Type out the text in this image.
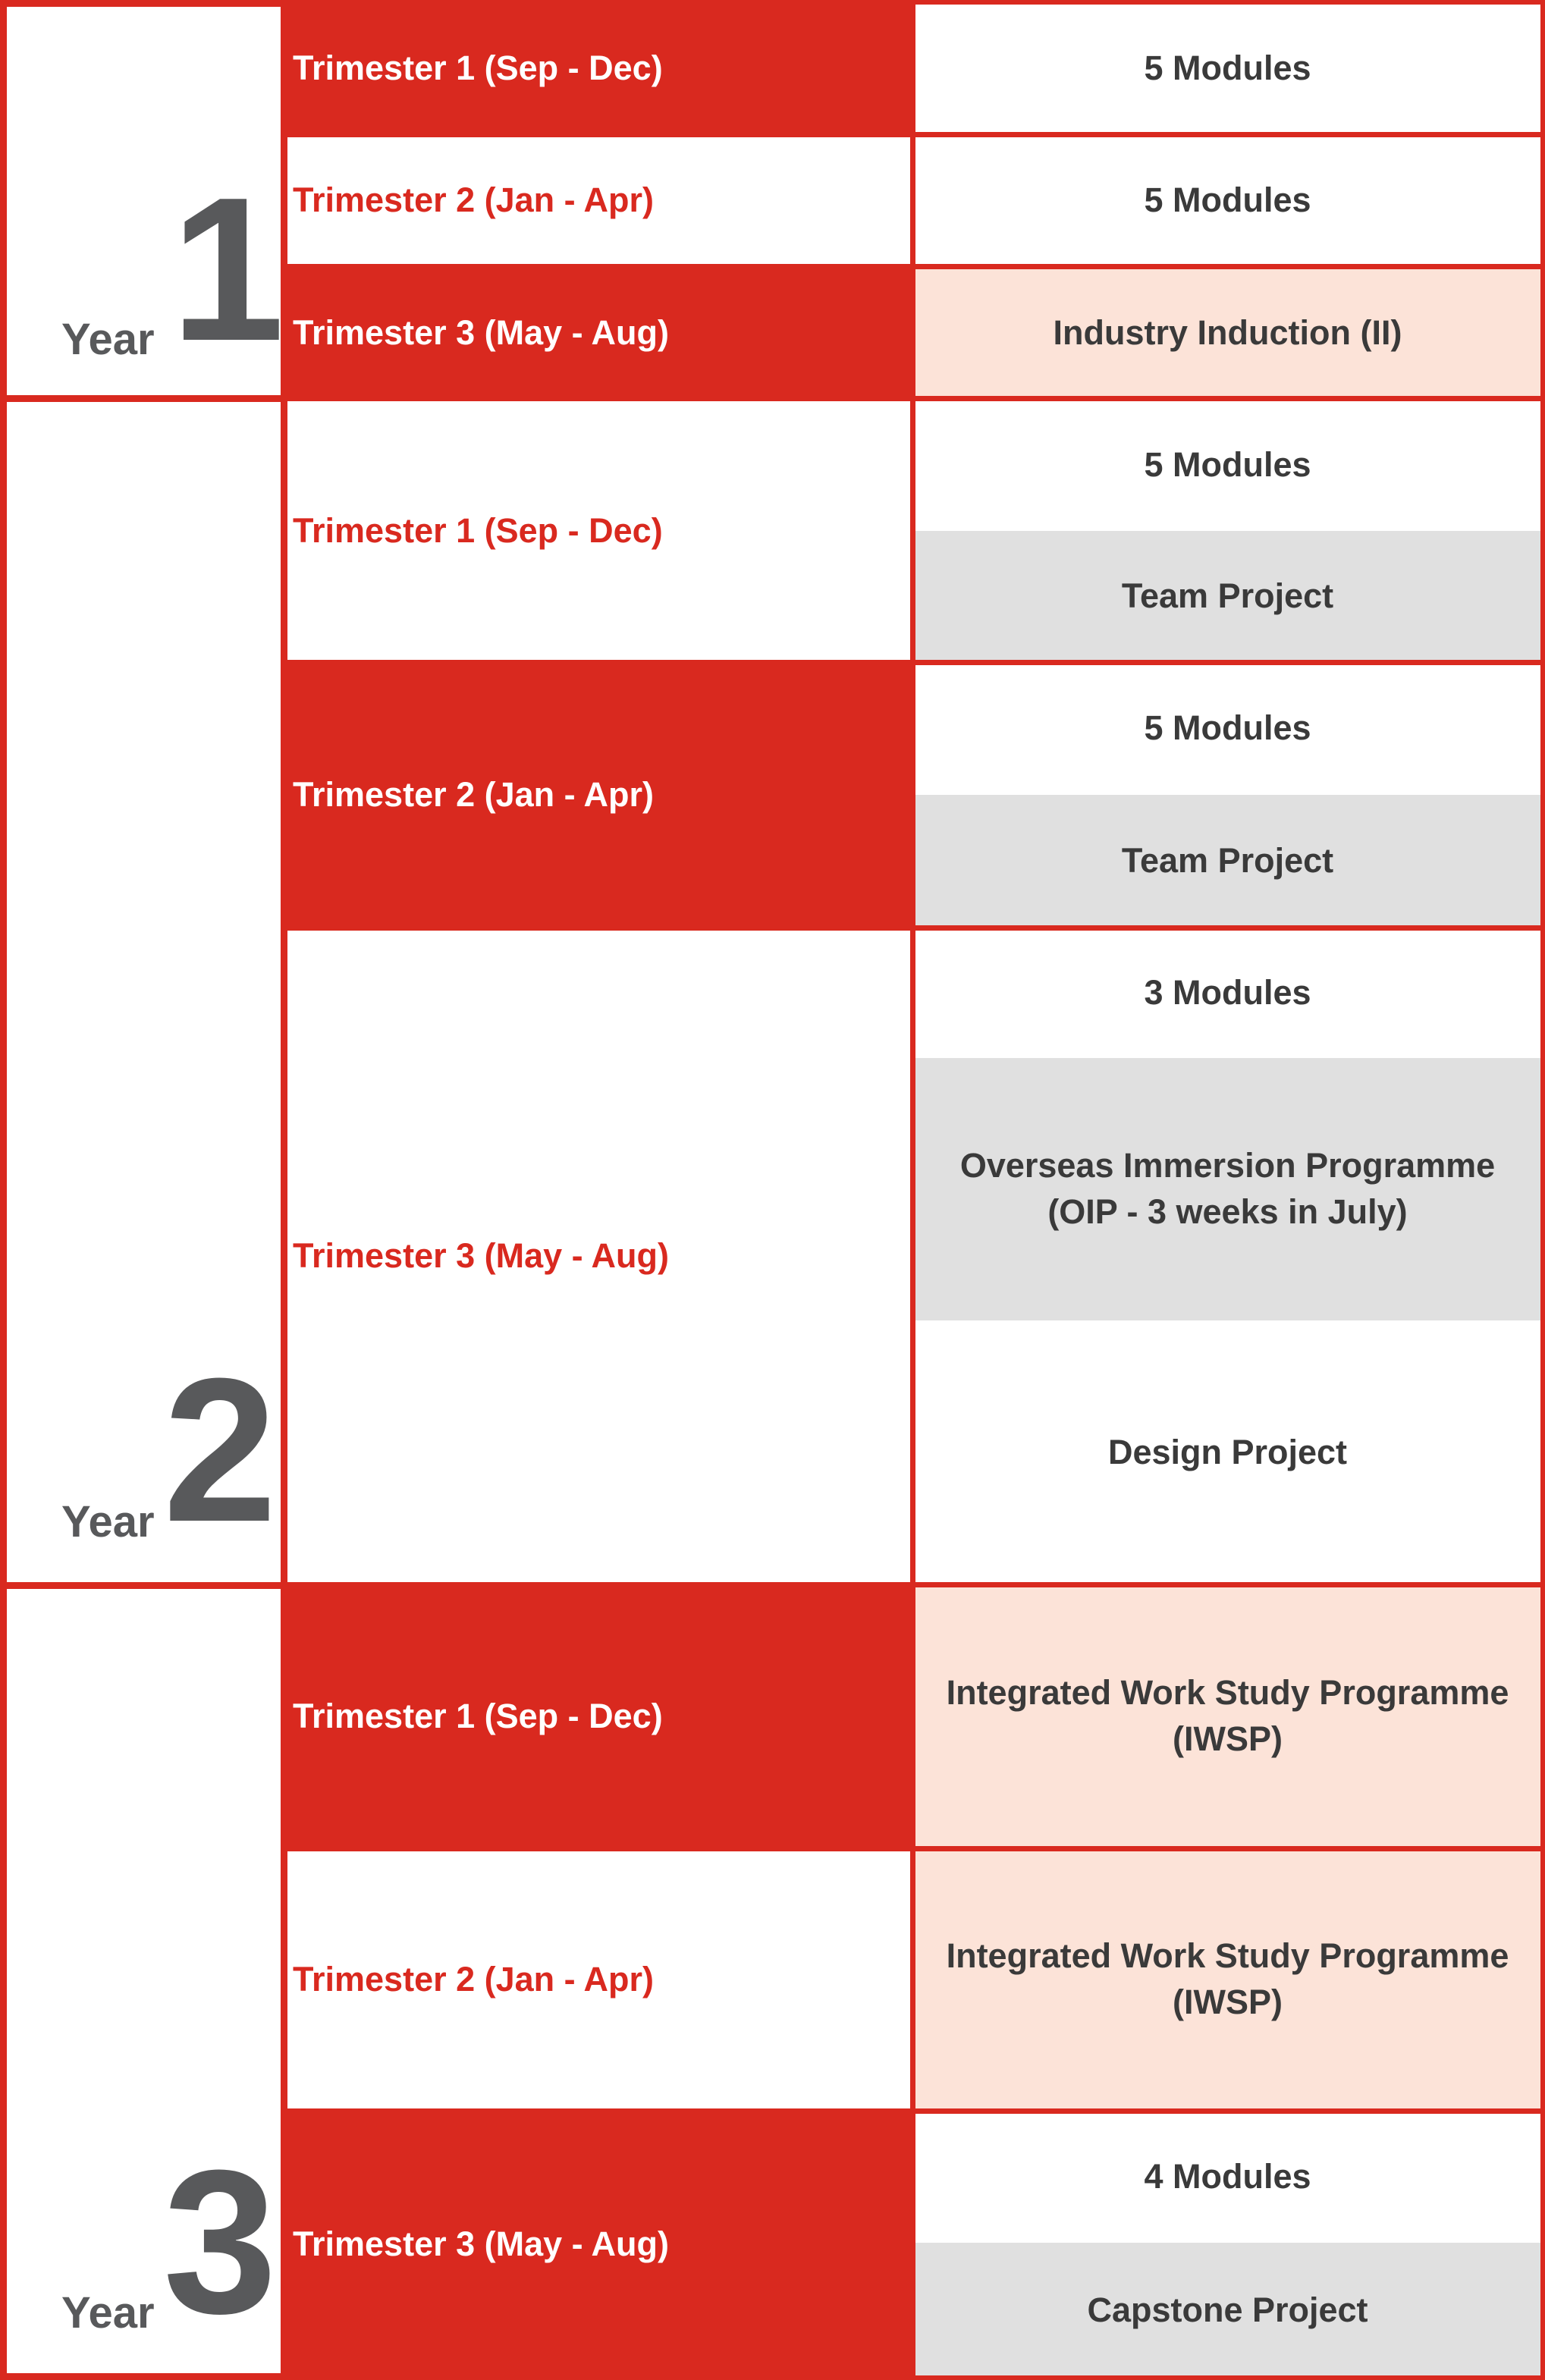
Year 1
Trimester 1 (Sep - Dec)
Trimester 2 (Jan - Apr)
Trimester 3 (May - Aug)
5 Modules
5 Modules
Industry Induction (II)
Year 2
Trimester 1 (Sep - Dec)
Trimester 2 (Jan - Apr)
Trimester 3 (May - Aug)
5 Modules
Team Project
5 Modules
Team Project
3 Modules
Overseas Immersion Programme (OIP - 3 weeks in July)
Design Project
Year 3
Trimester 1 (Sep - Dec)
Trimester 2 (Jan - Apr)
Trimester 3 (May - Aug)
Integrated Work Study Programme (IWSP)
Integrated Work Study Programme (IWSP)
4 Modules
Capstone Project
